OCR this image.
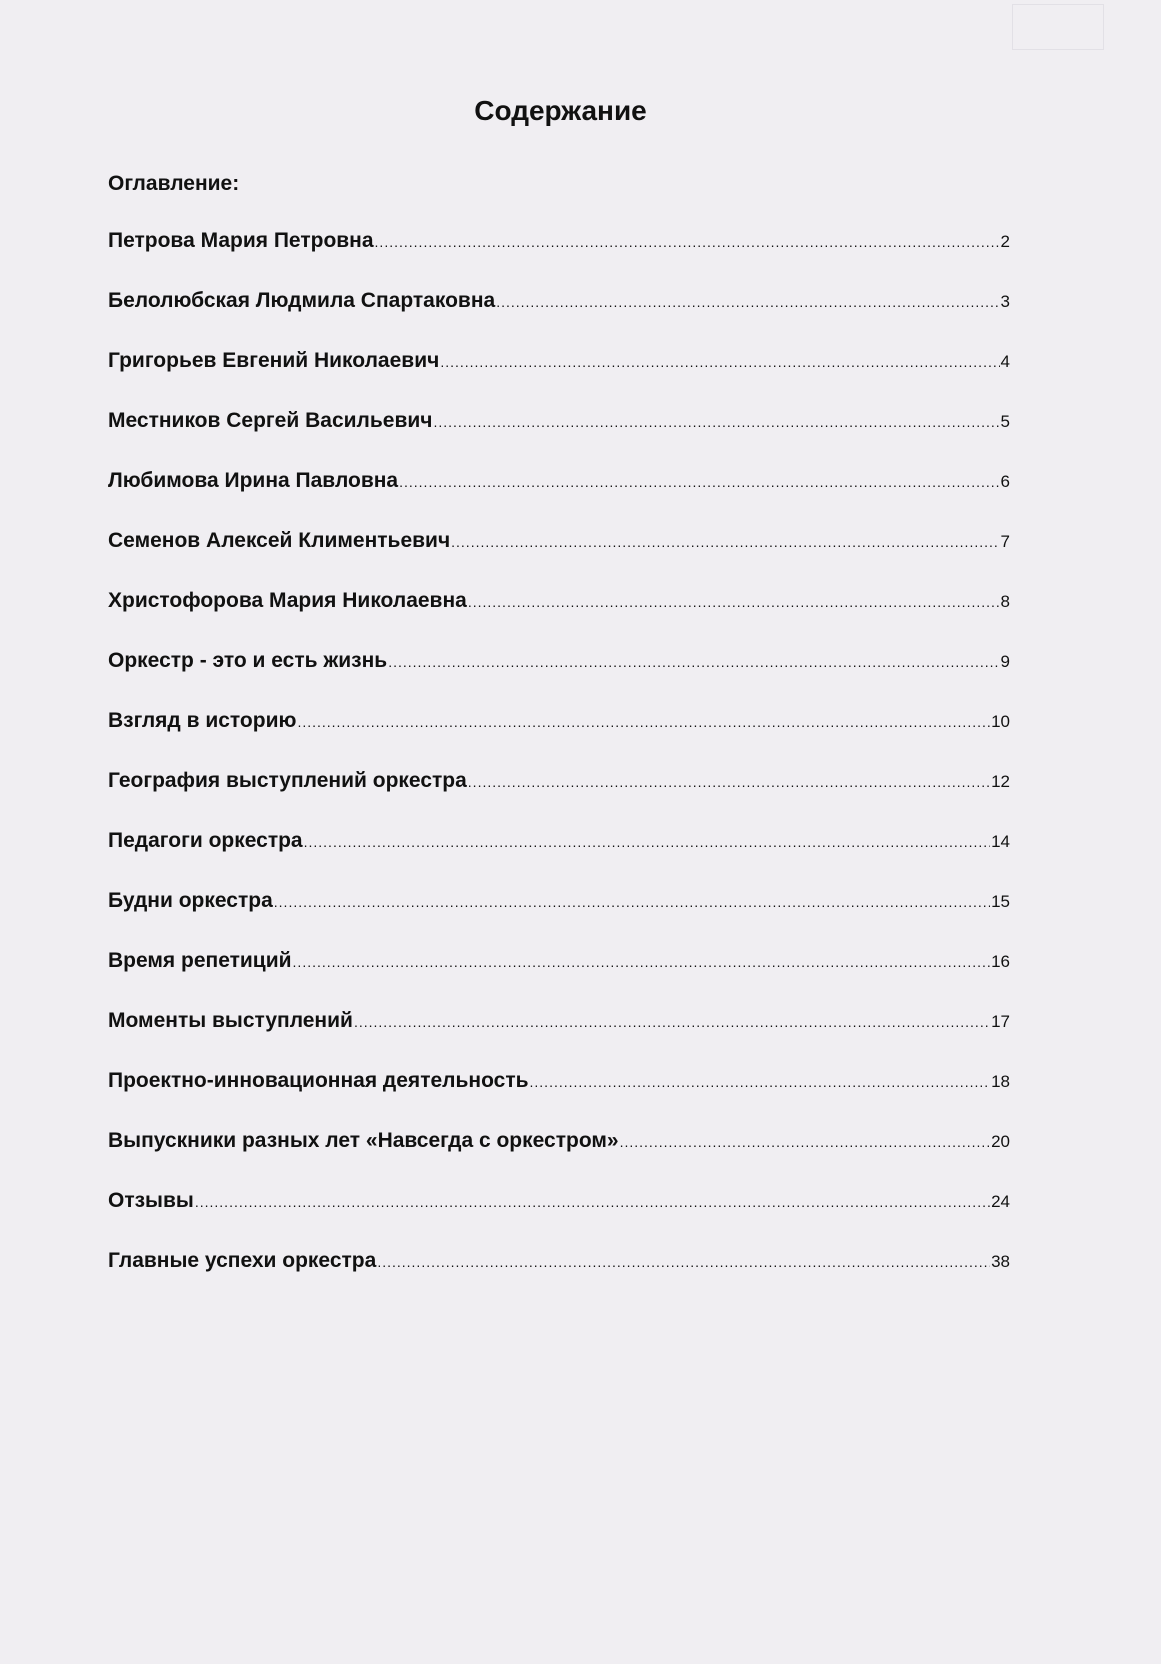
Содержание
Оглавление:
Петрова Мария Петровна .....	2
Белолюбская Людмила Спартаковна .....	3
Григорьев Евгений Николаевич .....	4
Местников Сергей Васильевич .....	5
Любимова Ирина Павловна .....	6
Семенов Алексей Климентьевич .....	7
Христофорова Мария Николаевна .....	8
Оркестр - это и есть жизнь .....	9
Взгляд в историю .....	10
География выступлений оркестра .....	12
Педагоги оркестра .....	14
Будни оркестра .....	15
Время репетиций .....	16
Моменты выступлений .....	17
Проектно-инновационная деятельность .....	18
Выпускники разных лет «Навсегда с оркестром» .....	20
Отзывы .....	24
Главные успехи оркестра .....	38
